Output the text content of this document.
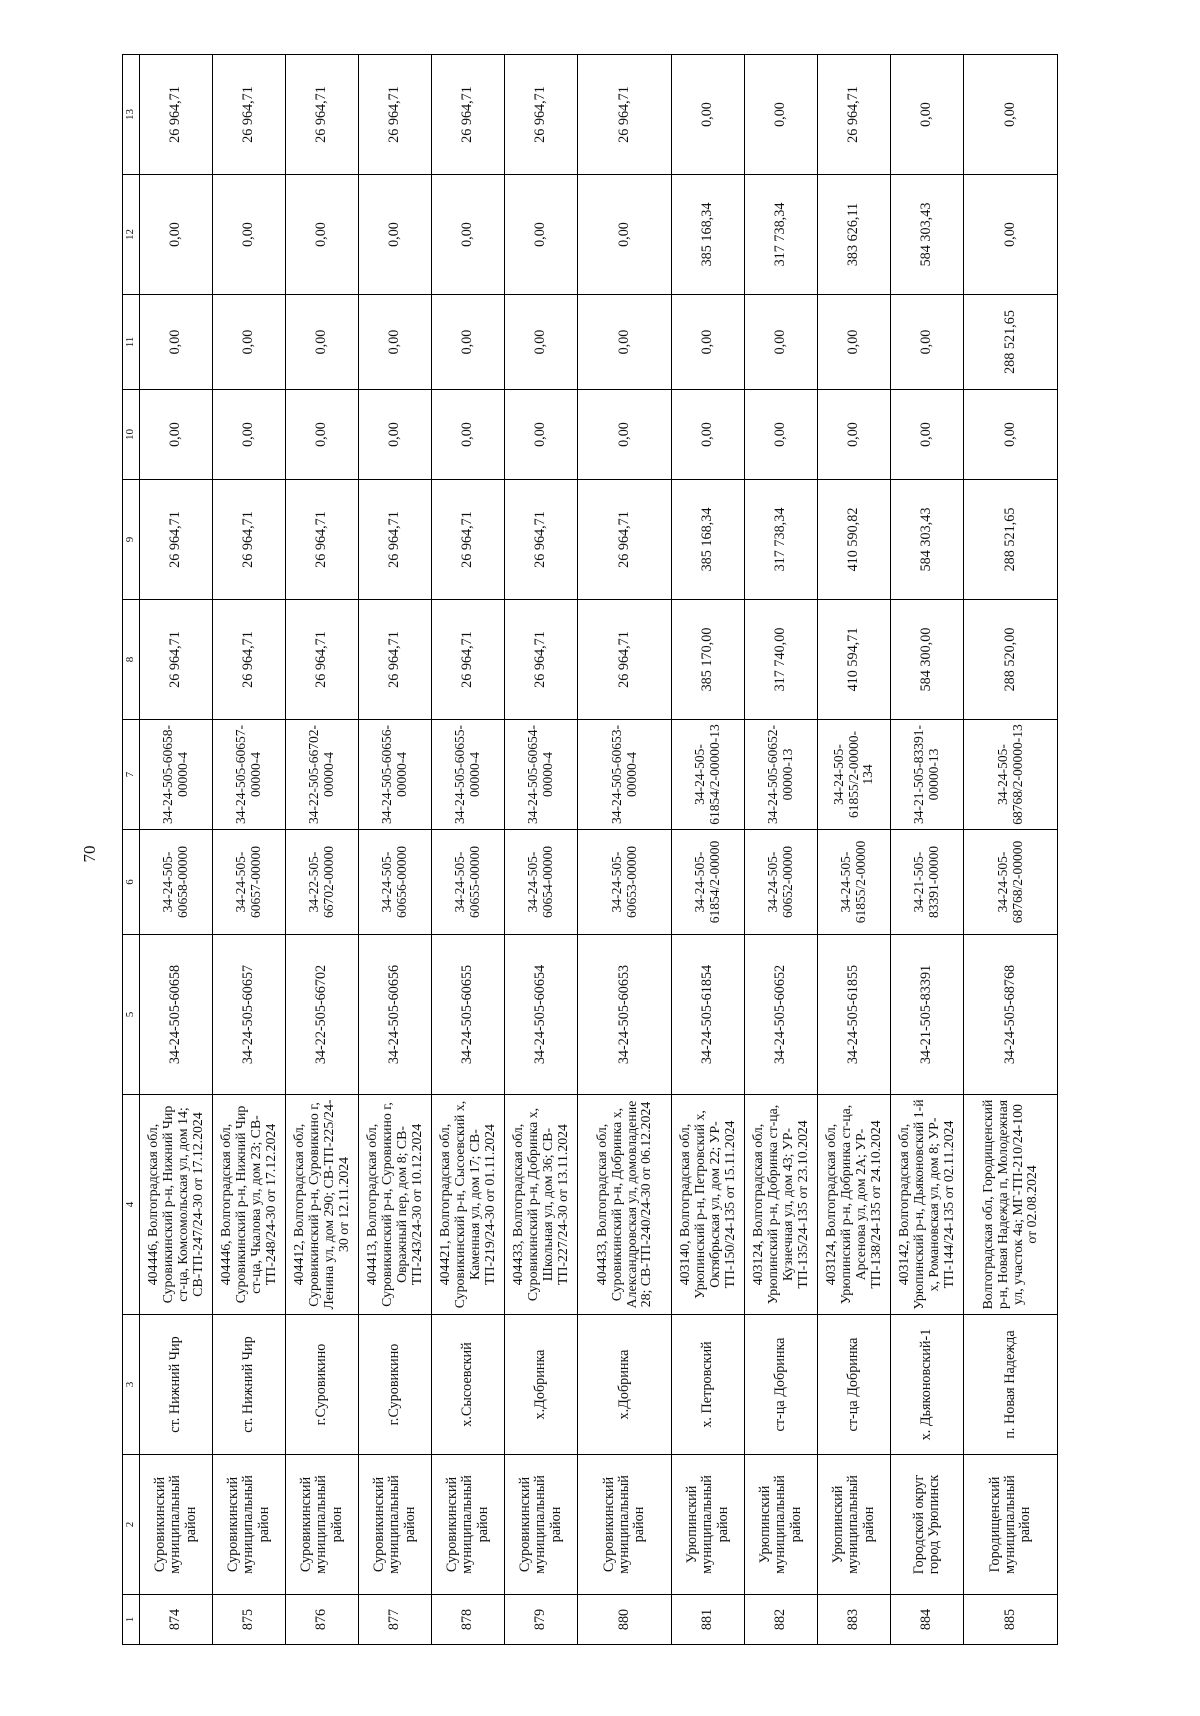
70
1	2	3	4	5	6	7	8	9	10	11	12	13
874	Суровикинский муниципальный район	ст. Нижний Чир	404446, Волгоградская обл, Суровикинский р-н, Нижний Чир ст-ца, Комсомольская ул, дом 14; СВ-ТП-247/24-30 от 17.12.2024	34-24-505-60658	34-24-505-60658-00000	34-24-505-60658-00000-4	26 964,71	26 964,71	0,00	0,00	0,00	26 964,71
875	Суровикинский муниципальный район	ст. Нижний Чир	404446, Волгоградская обл, Суровикинский р-н, Нижний Чир ст-ца, Чкалова ул, дом 23; СВ-ТП-248/24-30 от 17.12.2024	34-24-505-60657	34-24-505-60657-00000	34-24-505-60657-00000-4	26 964,71	26 964,71	0,00	0,00	0,00	26 964,71
876	Суровикинский муниципальный район	г.Суровикино	404412, Волгоградская обл, Суровикинский р-н, Суровикино г, Ленина ул, дом 290; СВ-ТП-225/24-30 от 12.11.2024	34-22-505-66702	34-22-505-66702-00000	34-22-505-66702-00000-4	26 964,71	26 964,71	0,00	0,00	0,00	26 964,71
877	Суровикинский муниципальный район	г.Суровикино	404413, Волгоградская обл, Суровикинский р-н, Суровикино г, Овражный пер, дом 8; СВ-ТП-243/24-30 от 10.12.2024	34-24-505-60656	34-24-505-60656-00000	34-24-505-60656-00000-4	26 964,71	26 964,71	0,00	0,00	0,00	26 964,71
878	Суровикинский муниципальный район	х.Сысоевский	404421, Волгоградская обл, Суровикинский р-н, Сысоевский х, Каменная ул, дом 17; СВ-ТП-219/24-30 от 01.11.2024	34-24-505-60655	34-24-505-60655-00000	34-24-505-60655-00000-4	26 964,71	26 964,71	0,00	0,00	0,00	26 964,71
879	Суровикинский муниципальный район	х.Добринка	404433, Волгоградская обл, Суровикинский р-н, Добринка х, Школьная ул, дом 36; СВ-ТП-227/24-30 от 13.11.2024	34-24-505-60654	34-24-505-60654-00000	34-24-505-60654-00000-4	26 964,71	26 964,71	0,00	0,00	0,00	26 964,71
880	Суровикинский муниципальный район	х.Добринка	404433, Волгоградская обл, Суровикинский р-н, Добринка х, Александровская ул, домовладение 28; СВ-ТП-240/24-30 от 06.12.2024	34-24-505-60653	34-24-505-60653-00000	34-24-505-60653-00000-4	26 964,71	26 964,71	0,00	0,00	0,00	26 964,71
881	Урюпинский муниципальный район	х. Петровский	403140, Волгоградская обл, Урюпинский р-н, Петровский х, Октябрьская ул, дом 22; УР-ТП-150/24-135 от 15.11.2024	34-24-505-61854	34-24-505-61854/2-00000	34-24-505-61854/2-00000-13	385 170,00	385 168,34	0,00	0,00	385 168,34	0,00
882	Урюпинский муниципальный район	ст-ца Добринка	403124, Волгоградская обл, Урюпинский р-н, Добринка ст-ца, Кузнечная ул, дом 43; УР-ТП-135/24-135 от 23.10.2024	34-24-505-60652	34-24-505-60652-00000	34-24-505-60652-00000-13	317 740,00	317 738,34	0,00	0,00	317 738,34	0,00
883	Урюпинский муниципальный район	ст-ца Добринка	403124, Волгоградская обл, Урюпинский р-н, Добринка ст-ца, Арсенова ул, дом 2А; УР-ТП-138/24-135 от 24.10.2024	34-24-505-61855	34-24-505-61855/2-00000	34-24-505-61855/2-00000-134	410 594,71	410 590,82	0,00	0,00	383 626,11	26 964,71
884	Городской округ город Урюпинск	х. Дьяконовский-1	403142, Волгоградская обл, Урюпинский р-н, Дьяконовский 1-й х, Романовская ул, дом 8; УР-ТП-144/24-135 от 02.11.2024	34-21-505-83391	34-21-505-83391-00000	34-21-505-83391-00000-13	584 300,00	584 303,43	0,00	0,00	584 303,43	0,00
885	Городищенский муниципальный район	п. Новая Надежда	Волгоградская обл, Городищенский р-н, Новая Надежда п, Молодежная ул, участок 4а; МГ-ТП-210/24-100 от 02.08.2024	34-24-505-68768	34-24-505-68768/2-00000	34-24-505-68768/2-00000-13	288 520,00	288 521,65	0,00	288 521,65	0,00	0,00
